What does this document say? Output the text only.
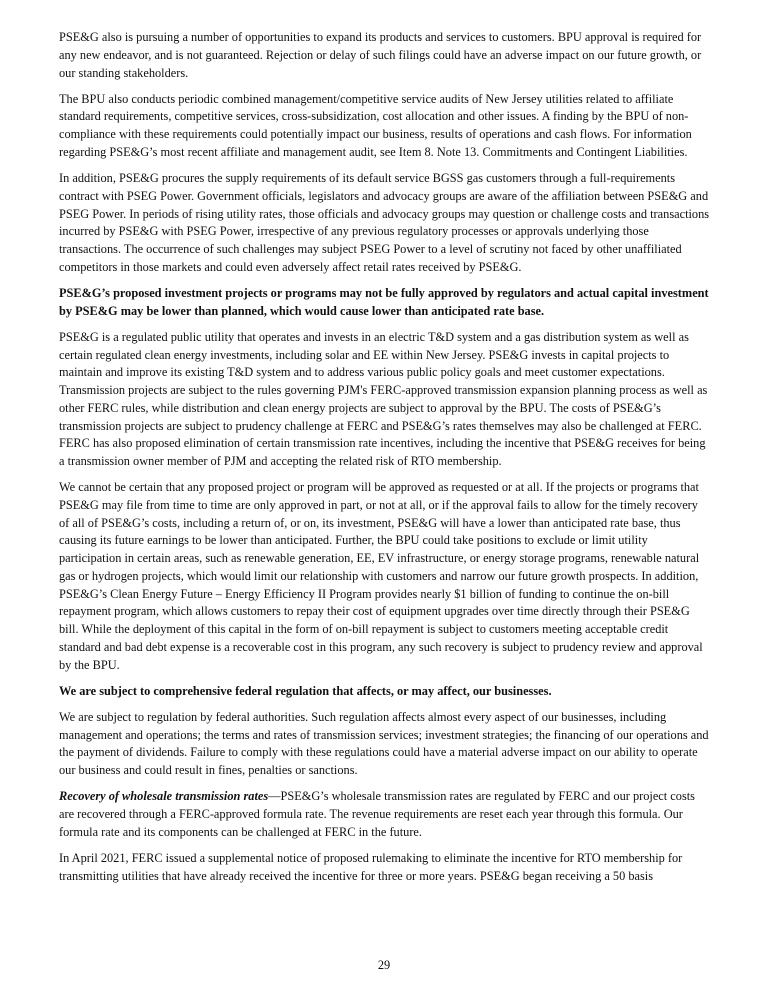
PSE&G also is pursuing a number of opportunities to expand its products and services to customers. BPU approval is required for any new endeavor, and is not guaranteed. Rejection or delay of such filings could have an adverse impact on our future growth, or our standing stakeholders.

The BPU also conducts periodic combined management/competitive service audits of New Jersey utilities related to affiliate standard requirements, competitive services, cross-subsidization, cost allocation and other issues. A finding by the BPU of non-compliance with these requirements could potentially impact our business, results of operations and cash flows. For information regarding PSE&G’s most recent affiliate and management audit, see Item 8. Note 13. Commitments and Contingent Liabilities.

In addition, PSE&G procures the supply requirements of its default service BGSS gas customers through a full-requirements contract with PSEG Power. Government officials, legislators and advocacy groups are aware of the affiliation between PSE&G and PSEG Power. In periods of rising utility rates, those officials and advocacy groups may question or challenge costs and transactions incurred by PSE&G with PSEG Power, irrespective of any previous regulatory processes or approvals underlying those transactions. The occurrence of such challenges may subject PSEG Power to a level of scrutiny not faced by other unaffiliated competitors in those markets and could even adversely affect retail rates received by PSE&G.

PSE&G’s proposed investment projects or programs may not be fully approved by regulators and actual capital investment by PSE&G may be lower than planned, which would cause lower than anticipated rate base.

PSE&G is a regulated public utility that operates and invests in an electric T&D system and a gas distribution system as well as certain regulated clean energy investments, including solar and EE within New Jersey. PSE&G invests in capital projects to maintain and improve its existing T&D system and to address various public policy goals and meet customer expectations. Transmission projects are subject to the rules governing PJM's FERC-approved transmission expansion planning process as well as other FERC rules, while distribution and clean energy projects are subject to approval by the BPU. The costs of PSE&G’s transmission projects are subject to prudency challenge at FERC and PSE&G’s rates themselves may also be challenged at FERC. FERC has also proposed elimination of certain transmission rate incentives, including the incentive that PSE&G receives for being a transmission owner member of PJM and accepting the related risk of RTO membership.

We cannot be certain that any proposed project or program will be approved as requested or at all. If the projects or programs that PSE&G may file from time to time are only approved in part, or not at all, or if the approval fails to allow for the timely recovery of all of PSE&G’s costs, including a return of, or on, its investment, PSE&G will have a lower than anticipated rate base, thus causing its future earnings to be lower than anticipated. Further, the BPU could take positions to exclude or limit utility participation in certain areas, such as renewable generation, EE, EV infrastructure, or energy storage programs, renewable natural gas or hydrogen projects, which would limit our relationship with customers and narrow our future growth prospects. In addition, PSE&G’s Clean Energy Future – Energy Efficiency II Program provides nearly $1 billion of funding to continue the on-bill repayment program, which allows customers to repay their cost of equipment upgrades over time directly through their PSE&G bill. While the deployment of this capital in the form of on-bill repayment is subject to customers meeting acceptable credit standard and bad debt expense is a recoverable cost in this program, any such recovery is subject to prudency review and approval by the BPU.

We are subject to comprehensive federal regulation that affects, or may affect, our businesses.

We are subject to regulation by federal authorities. Such regulation affects almost every aspect of our businesses, including management and operations; the terms and rates of transmission services; investment strategies; the financing of our operations and the payment of dividends. Failure to comply with these regulations could have a material adverse impact on our ability to operate our business and could result in fines, penalties or sanctions.

Recovery of wholesale transmission rates—PSE&G’s wholesale transmission rates are regulated by FERC and our project costs are recovered through a FERC-approved formula rate. The revenue requirements are reset each year through this formula. Our formula rate and its components can be challenged at FERC in the future.

In April 2021, FERC issued a supplemental notice of proposed rulemaking to eliminate the incentive for RTO membership for transmitting utilities that have already received the incentive for three or more years. PSE&G began receiving a 50 basis

29
